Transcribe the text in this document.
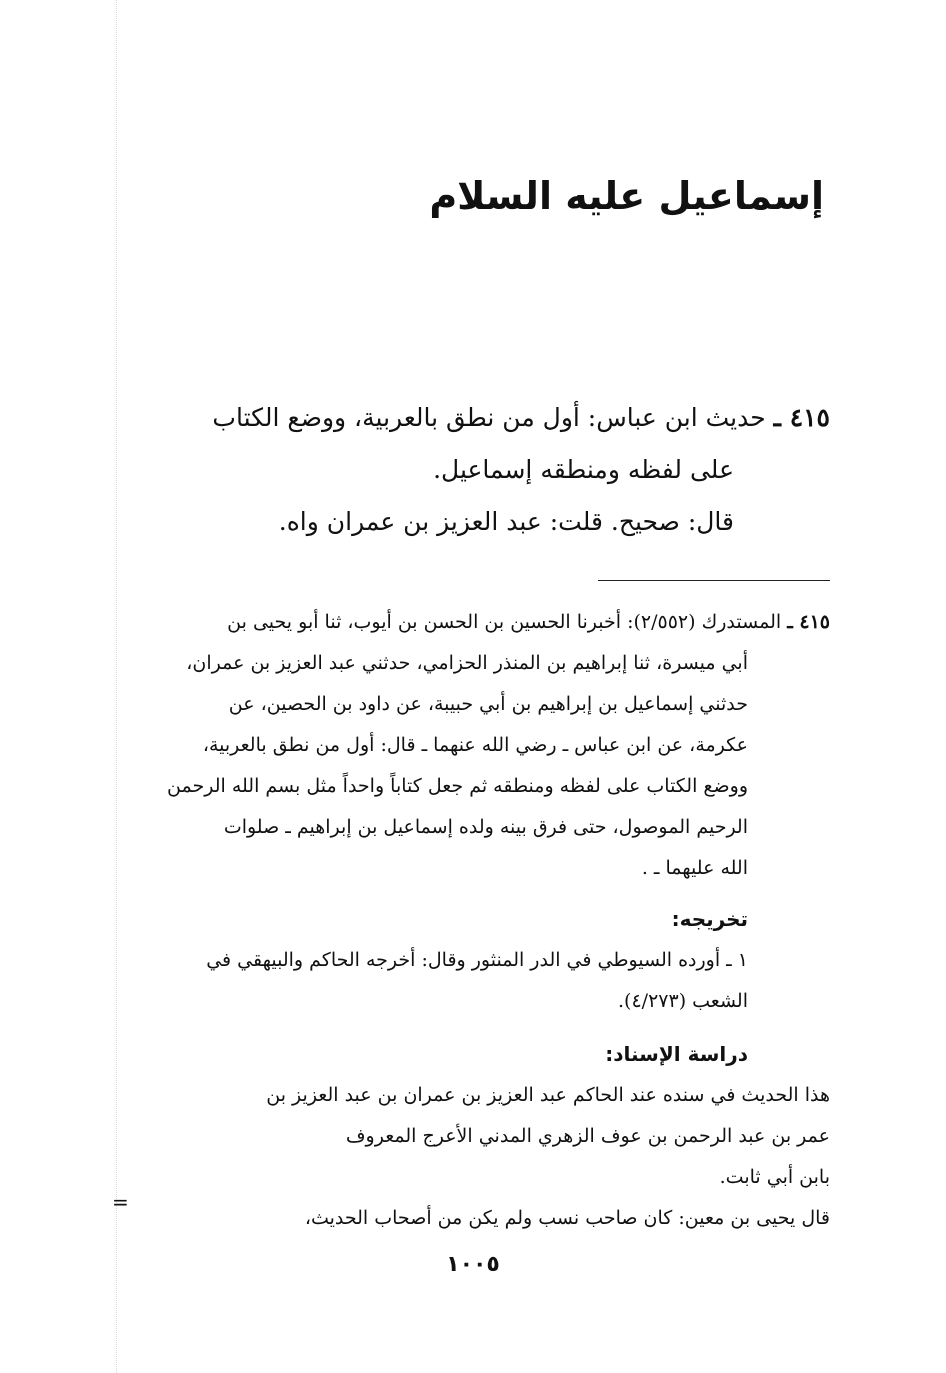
إسماعيل عليه السلام
٤١٥ ـ حديث ابن عباس: أول من نطق بالعربية، ووضع الكتاب
على لفظه ومنطقه إسماعيل.
قال: صحيح. قلت: عبد العزيز بن عمران واه.
٤١٥ ـ المستدرك (٢/٥٥٢): أخبرنا الحسين بن الحسن بن أيوب، ثنا أبو يحيى بن
أبي ميسرة، ثنا إبراهيم بن المنذر الحزامي، حدثني عبد العزيز بن عمران،
حدثني إسماعيل بن إبراهيم بن أبي حبيبة، عن داود بن الحصين، عن
عكرمة، عن ابن عباس ـ رضي الله عنهما ـ قال: أول من نطق بالعربية،
ووضع الكتاب على لفظه ومنطقه ثم جعل كتاباً واحداً مثل بسم الله الرحمن
الرحيم الموصول، حتى فرق بينه ولده إسماعيل بن إبراهيم ـ صلوات
الله عليهما ـ .
تخريجه:
١ ـ أورده السيوطي في الدر المنثور وقال: أخرجه الحاكم والبيهقي في
الشعب (٤/٢٧٣).
دراسة الإسناد:
هذا الحديث في سنده عند الحاكم عبد العزيز بن عمران بن عبد العزيز بن
عمر بن عبد الرحمن بن عوف الزهري المدني الأعرج المعروف
بابن أبي ثابت.
قال يحيى بن معين: كان صاحب نسب ولم يكن من أصحاب الحديث،
=
١٠٠٥
